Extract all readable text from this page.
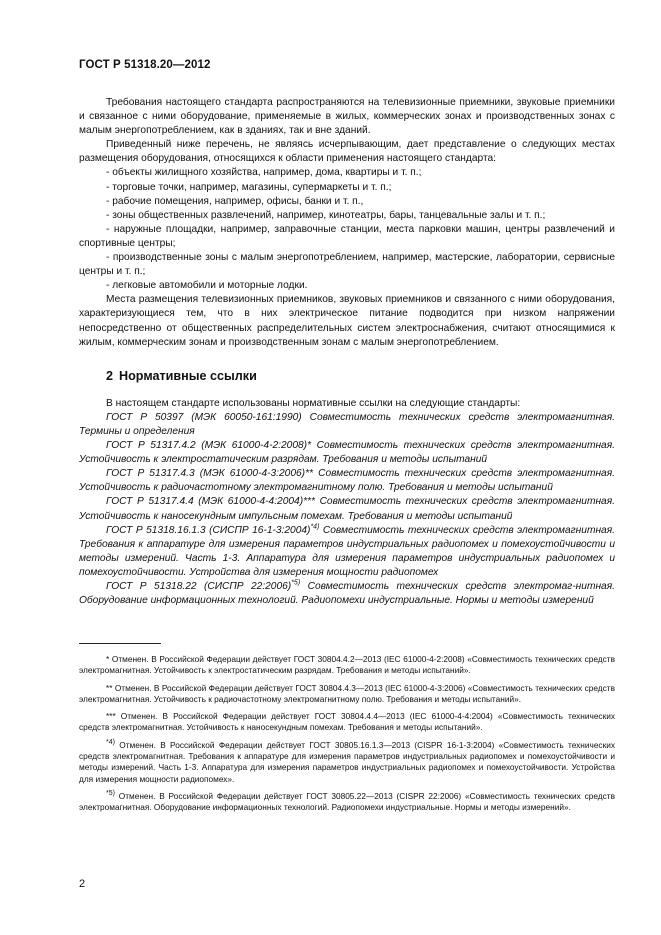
ГОСТ Р 51318.20—2012

Требования настоящего стандарта распространяются на телевизионные приемники, звуковые приемники и связанное с ними оборудование, применяемые в жилых, коммерческих зонах и производственных зонах с малым энергопотреблением, как в зданиях, так и вне зданий.

Приведенный ниже перечень, не являясь исчерпывающим, дает представление о следующих местах размещения оборудования, относящихся к области применения настоящего стандарта:

- объекты жилищного хозяйства, например, дома, квартиры и т. п.;

- торговые точки, например, магазины, супермаркеты и т. п.;

- рабочие помещения, например, офисы, банки и т. п.,

- зоны общественных развлечений, например, кинотеатры, бары, танцевальные залы и т. п.;

- наружные площадки, например, заправочные станции, места парковки машин, центры развлечений и спортивные центры;

- производственные зоны с малым энергопотреблением, например, мастерские, лаборатории, сервисные центры и т. п.;

- легковые автомобили и моторные лодки.

Места размещения телевизионных приемников, звуковых приемников и связанного с ними оборудования, характеризующиеся тем, что в них электрическое питание подводится при низком напряжении непосредственно от общественных распределительных систем электроснабжения, считают относящимися к жилым, коммерческим зонам и производственным зонам с малым энергопотреблением.

2 Нормативные ссылки

В настоящем стандарте использованы нормативные ссылки на следующие стандарты:

ГОСТ Р 50397 (МЭК 60050-161:1990) Совместимость технических средств электромагнитная. Термины и определения

ГОСТ Р 51317.4.2 (МЭК 61000-4-2:2008)* Совместимость технических средств электромагнитная. Устойчивость к электростатическим разрядам. Требования и методы испытаний

ГОСТ Р 51317.4.3 (МЭК 61000-4-3:2006)** Совместимость технических средств электромагнитная. Устойчивость к радиочастотному электромагнитному полю. Требования и методы испытаний

ГОСТ Р 51317.4.4 (МЭК 61000-4-4:2004)*** Совместимость технических средств электромагнитная. Устойчивость к наносекундным импульсным помехам. Требования и методы испытаний

ГОСТ Р 51318.16.1.3 (СИСПР 16-1-3:2004)$^{*4)}$ Совместимость технических средств электромагнитная. Требования к аппаратуре для измерения параметров индустриальных радиопомех и помехоустойчивости и методы измерений. Часть 1-3. Аппаратура для измерения параметров индустриальных радиопомех и помехоустойчивости. Устройства для измерения мощности радиопомех

ГОСТ Р 51318.22 (СИСПР 22:2006)$^{*5)}$ Совместимость технических средств электромаг-нитная. Оборудование информационных технологий. Радиопомехи индустриальные. Нормы и методы измерений

* Отменен. В Российской Федерации действует ГОСТ 30804.4.2—2013 (IEC 61000-4-2:2008) «Совместимость технических средств электромагнитная. Устойчивость к электростатическим разрядам. Требования и методы испытаний».

** Отменен. В Российской Федерации действует ГОСТ 30804.4.3—2013 (IEC 61000-4-3:2006) «Совместимость технических средств электромагнитная. Устойчивость к радиочастотному электромагнитному полю. Требования и методы испытаний».

*** Отменен. В Российской Федерации действует ГОСТ 30804.4.4—2013 (IEC 61000-4-4:2004) «Совместимость технических средств электромагнитная. Устойчивость к наносекундным помехам. Требования и методы испытаний».

$^{*4)}$ Отменен. В Российской Федерации действует ГОСТ 30805.16.1.3—2013 (CISPR 16-1-3:2004) «Совместимость технических средств электромагнитная. Требования к аппаратуре для измерения параметров индустриальных радиопомех и помехоустойчивости и методы измерений. Часть 1-3. Аппаратура для измерения параметров индустриальных радиопомех и помехоустойчивости. Устройства для измерения мощности радиопомех».

$^{*5)}$ Отменен. В Российской Федерации действует ГОСТ 30805.22—2013 (CISPR 22:2006) «Совместимость технических средств электромагнитная. Оборудование информационных технологий. Радиопомехи индустриальные. Нормы и методы измерений».

2
